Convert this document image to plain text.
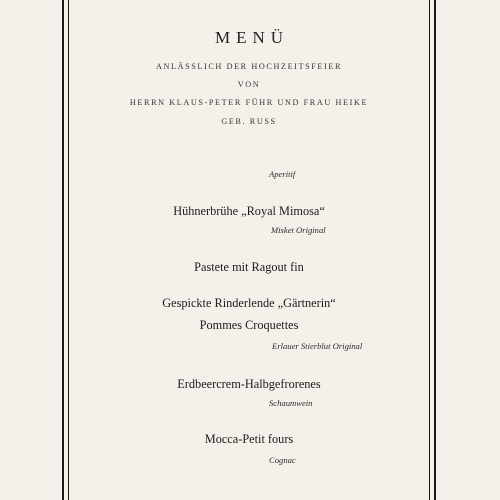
MENÜ
ANLÄSSLICH DER HOCHZEITSFEIER
VON
HERRN KLAUS-PETER FÜHR UND FRAU HEIKE
GEB. RUSS
Aperitif
Hühnerbrühe „Royal Mimosa“
Misket Original
Pastete mit Ragout fin
Gespickte Rinderlende „Gärtnerin“
Pommes Croquettes
Erlauer Stierblut Original
Erdbeercrem-Halbgefrorenes
Schaumwein
Mocca-Petit fours
Cognac
